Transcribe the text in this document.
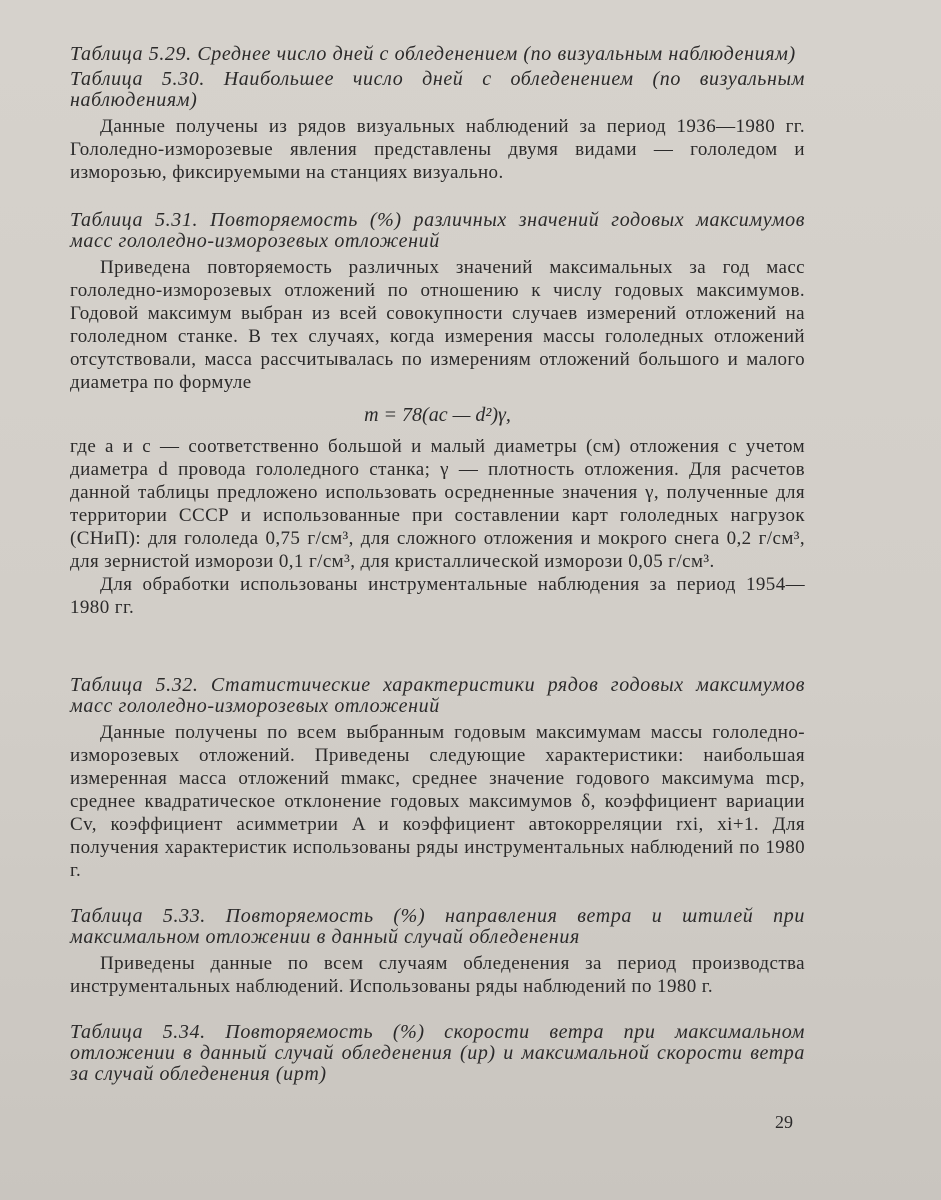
Таблица 5.29. Среднее число дней с обледенением (по визуальным наблюдениям)
Таблица 5.30. Наибольшее число дней с обледенением (по визуальным наблюдениям)

Данные получены из рядов визуальных наблюдений за период 1936—1980 гг. Гололедно-изморозевые явления представлены двумя видами — гололедом и изморозью, фиксируемыми на станциях визуально.

Таблица 5.31. Повторяемость (%) различных значений годовых максимумов масс гололедно-изморозевых отложений

Приведена повторяемость различных значений максимальных за год масс гололедно-изморозевых отложений по отношению к числу годовых максимумов. Годовой максимум выбран из всей совокупности случаев измерений отложений на гололедном станке. В тех случаях, когда измерения массы гололедных отложений отсутствовали, масса рассчитывалась по измерениям отложений большого и малого диаметра по формуле

m = 78(ac — d²)γ,

где a и c — соответственно большой и малый диаметры (см) отложения с учетом диаметра d провода гололедного станка; γ — плотность отложения. Для расчетов данной таблицы предложено использовать осредненные значения γ, полученные для территории СССР и использованные при составлении карт гололедных нагрузок (СНиП): для гололеда 0,75 г/см³, для сложного отложения и мокрого снега 0,2 г/см³, для зернистой изморози 0,1 г/см³, для кристаллической изморози 0,05 г/см³.

Для обработки использованы инструментальные наблюдения за период 1954—1980 гг.

Таблица 5.32. Статистические характеристики рядов годовых максимумов масс гололедно-изморозевых отложений

Данные получены по всем выбранным годовым максимумам массы гололедно-изморозевых отложений. Приведены следующие характеристики: наибольшая измеренная масса отложений mмакс, среднее значение годового максимума mср, среднее квадратическое отклонение годовых максимумов δ, коэффициент вариации Cv, коэффициент асимметрии A и коэффициент автокорреляции rxi, xi+1. Для получения характеристик использованы ряды инструментальных наблюдений по 1980 г.

Таблица 5.33. Повторяемость (%) направления ветра и штилей при максимальном отложении в данный случай обледенения

Приведены данные по всем случаям обледенения за период производства инструментальных наблюдений. Использованы ряды наблюдений по 1980 г.

Таблица 5.34. Повторяемость (%) скорости ветра при максимальном отложении в данный случай обледенения (uр) и максимальной скорости ветра за случай обледенения (uрm)
29
